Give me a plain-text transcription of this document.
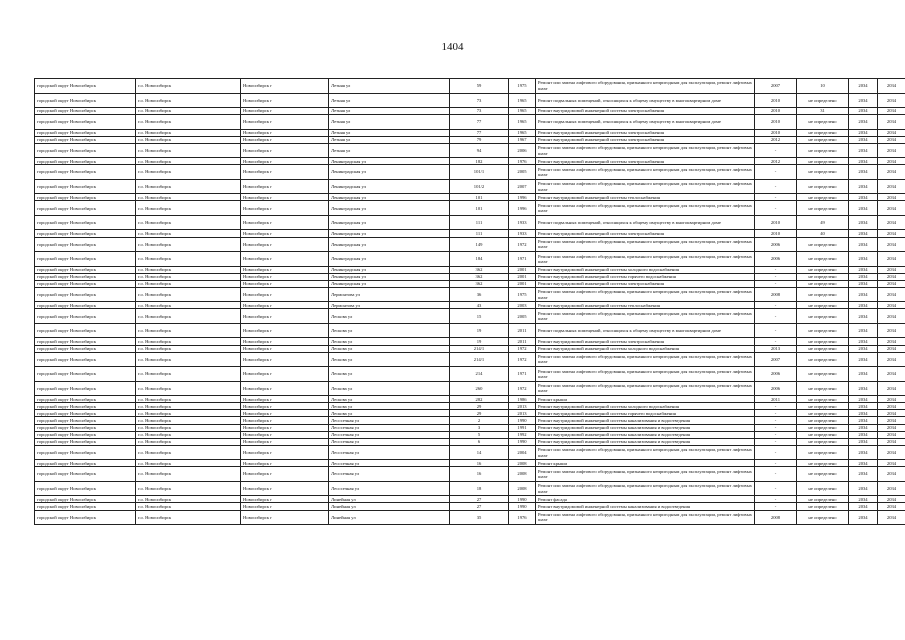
1404
городской округ Новосибирск	г.о. Новосибирск	Новосибирск г	Летняя ул	59	1975	Ремонт или замена лифтового оборудования, признанного непригодным для эксплуатации, ремонт лифтовых шахт	2007	10	2034	2034
городской округ Новосибирск	г.о. Новосибирск	Новосибирск г	Летняя ул	73	1965	Ремонт подвальных помещений, относящихся к общему имуществу в многоквартирном доме	2010	не определено	2034	2034
городской округ Новосибирск	г.о. Новосибирск	Новосибирск г	Летняя ул	73	1965	Ремонт внутридомовой инженерной системы электроснабжения	2010	31	2034	2034
городской округ Новосибирск	г.о. Новосибирск	Новосибирск г	Летняя ул	77	1965	Ремонт подвальных помещений, относящихся к общему имуществу в многоквартирном доме	2010	не определено	2034	2034
городской округ Новосибирск	г.о. Новосибирск	Новосибирск г	Летняя ул	77	1965	Ремонт внутридомовой инженерной системы электроснабжения	2010	не определено	2034	2034
городской округ Новосибирск	г.о. Новосибирск	Новосибирск г	Летняя ул	79	1967	Ремонт внутридомовой инженерной системы электроснабжения	2012	не определено	2034	2034
городской округ Новосибирск	г.о. Новосибирск	Новосибирск г	Летняя ул	94	2006	Ремонт или замена лифтового оборудования, признанного непригодным для эксплуатации, ремонт лифтовых шахт	-	не определено	2034	2034
городской округ Новосибирск	г.о. Новосибирск	Новосибирск г	Ленинградская ул	182	1976	Ремонт внутридомовой инженерной системы электроснабжения	2012	не определено	2034	2034
городской округ Новосибирск	г.о. Новосибирск	Новосибирск г	Ленинградская ул	101/1	2005	Ремонт или замена лифтового оборудования, признанного непригодным для эксплуатации, ремонт лифтовых шахт	-	не определено	2034	2034
городской округ Новосибирск	г.о. Новосибирск	Новосибирск г	Ленинградская ул	101/2	2007	Ремонт или замена лифтового оборудования, признанного непригодным для эксплуатации, ремонт лифтовых шахт	-	не определено	2034	2034
городской округ Новосибирск	г.о. Новосибирск	Новосибирск г	Ленинградская ул	101	1996	Ремонт внутридомовой инженерной системы теплоснабжения	-	не определено	2034	2034
городской округ Новосибирск	г.о. Новосибирск	Новосибирск г	Ленинградская ул	101	1996	Ремонт или замена лифтового оборудования, признанного непригодным для эксплуатации, ремонт лифтовых шахт	-	не определено	2034	2034
городской округ Новосибирск	г.о. Новосибирск	Новосибирск г	Ленинградская ул	111	1933	Ремонт подвальных помещений, относящихся к общему имуществу в многоквартирном доме	2010	49	2034	2034
городской округ Новосибирск	г.о. Новосибирск	Новосибирск г	Ленинградская ул	111	1933	Ремонт внутридомовой инженерной системы электроснабжения	2010	40	2034	2034
городской округ Новосибирск	г.о. Новосибирск	Новосибирск г	Ленинградская ул	149	1972	Ремонт или замена лифтового оборудования, признанного непригодным для эксплуатации, ремонт лифтовых шахт	2006	не определено	2034	2034
городской округ Новосибирск	г.о. Новосибирск	Новосибирск г	Ленинградская ул	184	1971	Ремонт или замена лифтового оборудования, признанного непригодным для эксплуатации, ремонт лифтовых шахт	2006	не определено	2034	2034
городской округ Новосибирск	г.о. Новосибирск	Новосибирск г	Ленинградская ул	362	2001	Ремонт внутридомовой инженерной системы холодного водоснабжения	-	не определено	2034	2034
городской округ Новосибирск	г.о. Новосибирск	Новосибирск г	Ленинградская ул	362	2001	Ремонт внутридомовой инженерной системы горячего водоснабжения	-	не определено	2034	2034
городской округ Новосибирск	г.о. Новосибирск	Новосибирск г	Ленинградская ул	362	2001	Ремонт внутридомовой инженерной системы электроснабжения	-	не определено	2034	2034
городской округ Новосибирск	г.о. Новосибирск	Новосибирск г	Лермонтова ул	36	1975	Ремонт или замена лифтового оборудования, признанного непригодным для эксплуатации, ремонт лифтовых шахт	2008	не определено	2034	2034
городской округ Новосибирск	г.о. Новосибирск	Новосибирск г	Лермонтова ул	43	2003	Ремонт внутридомовой инженерной системы теплоснабжения	-	не определено	2034	2034
городской округ Новосибирск	г.о. Новосибирск	Новосибирск г	Лескова ул	15	2005	Ремонт или замена лифтового оборудования, признанного непригодным для эксплуатации, ремонт лифтовых шахт	-	не определено	2034	2034
городской округ Новосибирск	г.о. Новосибирск	Новосибирск г	Лескова ул	19	2011	Ремонт подвальных помещений, относящихся к общему имуществу в многоквартирном доме	-	не определено	2034	2034
городской округ Новосибирск	г.о. Новосибирск	Новосибирск г	Лескова ул	19	2011	Ремонт внутридомовой инженерной системы электроснабжения	-	не определено	2034	2034
городской округ Новосибирск	г.о. Новосибирск	Новосибирск г	Лескова ул	214/1	1972	Ремонт внутридомовой инженерной системы холодного водоснабжения	2013	не определено	2034	2034
городской округ Новосибирск	г.о. Новосибирск	Новосибирск г	Лескова ул	214/1	1972	Ремонт или замена лифтового оборудования, признанного непригодным для эксплуатации, ремонт лифтовых шахт	2007	не определено	2034	2034
городской округ Новосибирск	г.о. Новосибирск	Новосибирск г	Лескова ул	214	1971	Ремонт или замена лифтового оборудования, признанного непригодным для эксплуатации, ремонт лифтовых шахт	2006	не определено	2034	2034
городской округ Новосибирск	г.о. Новосибирск	Новосибирск г	Лескова ул	260	1972	Ремонт или замена лифтового оборудования, признанного непригодным для эксплуатации, ремонт лифтовых шахт	2006	не определено	2034	2034
городской округ Новосибирск	г.о. Новосибирск	Новосибирск г	Лескова ул	282	1986	Ремонт крыши	2011	не определено	2034	2034
городской округ Новосибирск	г.о. Новосибирск	Новосибирск г	Лескова ул	29	2013	Ремонт внутридомовой инженерной системы холодного водоснабжения	-	не определено	2034	2034
городской округ Новосибирск	г.о. Новосибирск	Новосибирск г	Лескова ул	29	2013	Ремонт внутридомовой инженерной системы горячего водоснабжения	-	не определено	2034	2034
городской округ Новосибирск	г.о. Новосибирск	Новосибирск г	Лесосечная ул	2	1990	Ремонт внутридомовой инженерной системы канализования и водоотведения	-	не определено	2034	2034
городской округ Новосибирск	г.о. Новосибирск	Новосибирск г	Лесосечная ул	3	1991	Ремонт внутридомовой инженерной системы канализования и водоотведения	-	не определено	2034	2034
городской округ Новосибирск	г.о. Новосибирск	Новосибирск г	Лесосечная ул	5	1992	Ремонт внутридомовой инженерной системы канализования и водоотведения	-	не определено	2034	2034
городской округ Новосибирск	г.о. Новосибирск	Новосибирск г	Лесосечная ул	6	1990	Ремонт внутридомовой инженерной системы канализования и водоотведения	-	не определено	2034	2034
городской округ Новосибирск	г.о. Новосибирск	Новосибирск г	Лесосечная ул	14	2004	Ремонт или замена лифтового оборудования, признанного непригодным для эксплуатации, ремонт лифтовых шахт	-	не определено	2034	2034
городской округ Новосибирск	г.о. Новосибирск	Новосибирск г	Лесосечная ул	16	2008	Ремонт крыши	-	не определено	2034	2034
городской округ Новосибирск	г.о. Новосибирск	Новосибирск г	Лесосечная ул	16	2008	Ремонт или замена лифтового оборудования, признанного непригодным для эксплуатации, ремонт лифтовых шахт	-	не определено	2034	2034
городской округ Новосибирск	г.о. Новосибирск	Новосибирск г	Лесосечная ул	18	2008	Ремонт или замена лифтового оборудования, признанного непригодным для эксплуатации, ремонт лифтовых шахт	-	не определено	2034	2034
городской округ Новосибирск	г.о. Новосибирск	Новосибирск г	Линейная ул	27	1990	Ремонт фасада	-	не определено	2034	2034
городской округ Новосибирск	г.о. Новосибирск	Новосибирск г	Линейная ул	27	1990	Ремонт внутридомовой инженерной системы канализования и водоотведения	-	не определено	2034	2034
городской округ Новосибирск	г.о. Новосибирск	Новосибирск г	Линейная ул	35	1976	Ремонт или замена лифтового оборудования, признанного непригодным для эксплуатации, ремонт лифтовых шахт	2008	не определено	2034	2034
